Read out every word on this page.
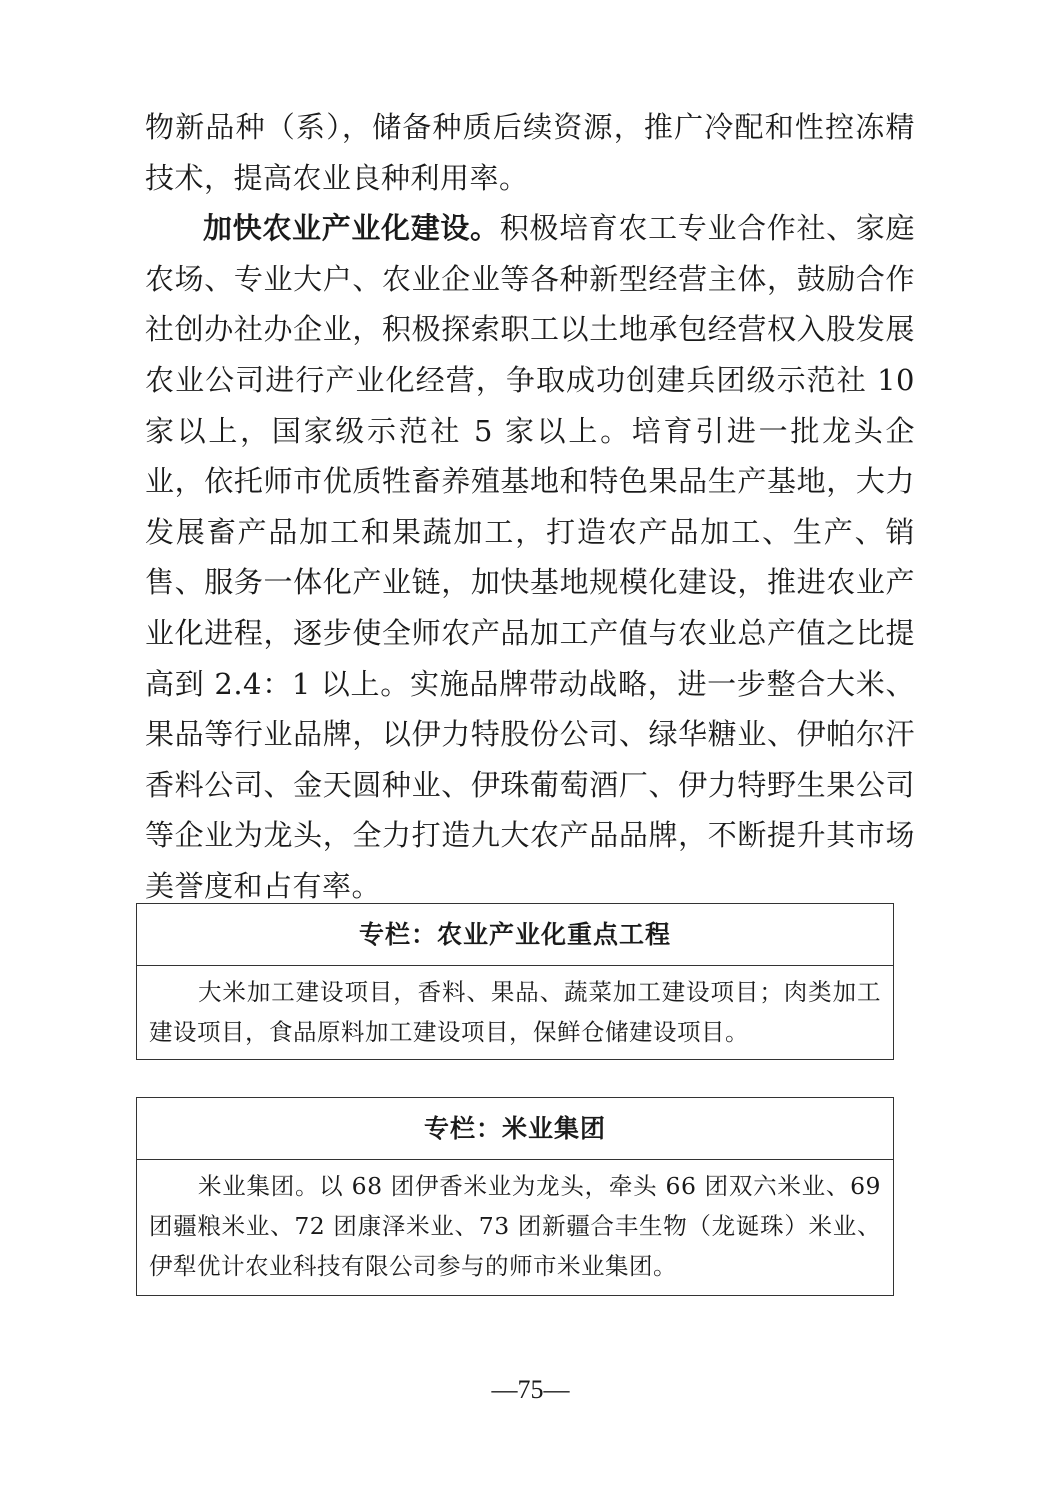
物新品种（系），储备种质后续资源，推广冷配和性控冻精技术，提高农业良种利用率。

加快农业产业化建设。积极培育农工专业合作社、家庭农场、专业大户、农业企业等各种新型经营主体，鼓励合作社创办社办企业，积极探索职工以土地承包经营权入股发展农业公司进行产业化经营，争取成功创建兵团级示范社 10 家以上，国家级示范社 5 家以上。培育引进一批龙头企业，依托师市优质牲畜养殖基地和特色果品生产基地，大力发展畜产品加工和果蔬加工，打造农产品加工、生产、销售、服务一体化产业链，加快基地规模化建设，推进农业产业化进程，逐步使全师农产品加工产值与农业总产值之比提高到 2.4：1 以上。实施品牌带动战略，进一步整合大米、果品等行业品牌，以伊力特股份公司、绿华糖业、伊帕尔汗香料公司、金天圆种业、伊珠葡萄酒厂、伊力特野生果公司等企业为龙头，全力打造九大农产品品牌，不断提升其市场美誉度和占有率。

专栏：农业产业化重点工程
大米加工建设项目，香料、果品、蔬菜加工建设项目；肉类加工建设项目，食品原料加工建设项目，保鲜仓储建设项目。
专栏：米业集团
米业集团。以 68 团伊香米业为龙头，牵头 66 团双六米业、69 团疆粮米业、72 团康泽米业、73 团新疆合丰生物（龙诞珠）米业、伊犁优计农业科技有限公司参与的师市米业集团。
—75—
